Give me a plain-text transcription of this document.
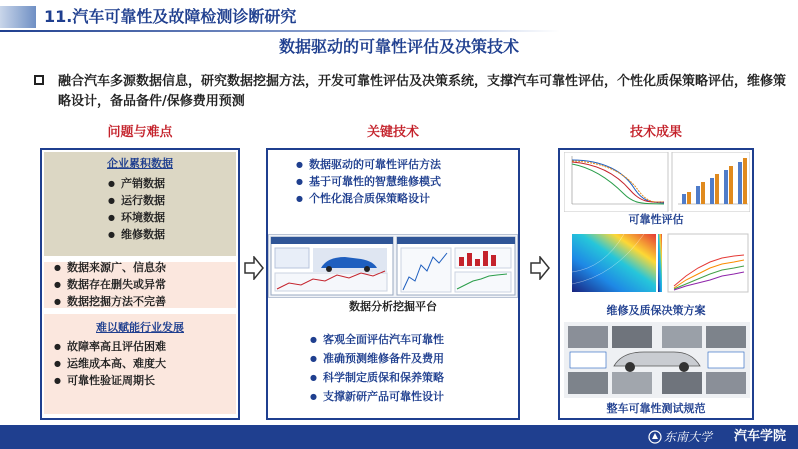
11.汽车可靠性及故障检测诊断研究
数据驱动的可靠性评估及决策技术
融合汽车多源数据信息，研究数据挖掘方法，开发可靠性评估及决策系统，支撑汽车可靠性评估，个性化质保策略评估，维修策略设计，备品备件/保修费用预测
问题与难点	关键技术	技术成果
企业累积数据
● 产销数据
● 运行数据
● 环境数据
● 维修数据
● 数据来源广、信息杂
● 数据存在删失或异常
● 数据挖掘方法不完善
难以赋能行业发展
● 故障率高且评估困难
● 运维成本高、难度大
● 可靠性验证周期长
● 数据驱动的可靠性评估方法
● 基于可靠性的智慧维修模式
● 个性化混合质保策略设计
数据分析挖掘平台
● 客观全面评估汽车可靠性
● 准确预测维修备件及费用
● 科学制定质保和保养策略
● 支撑新研产品可靠性设计
可靠性评估
维修及质保决策方案
整车可靠性测试规范
东南大学 汽车学院
